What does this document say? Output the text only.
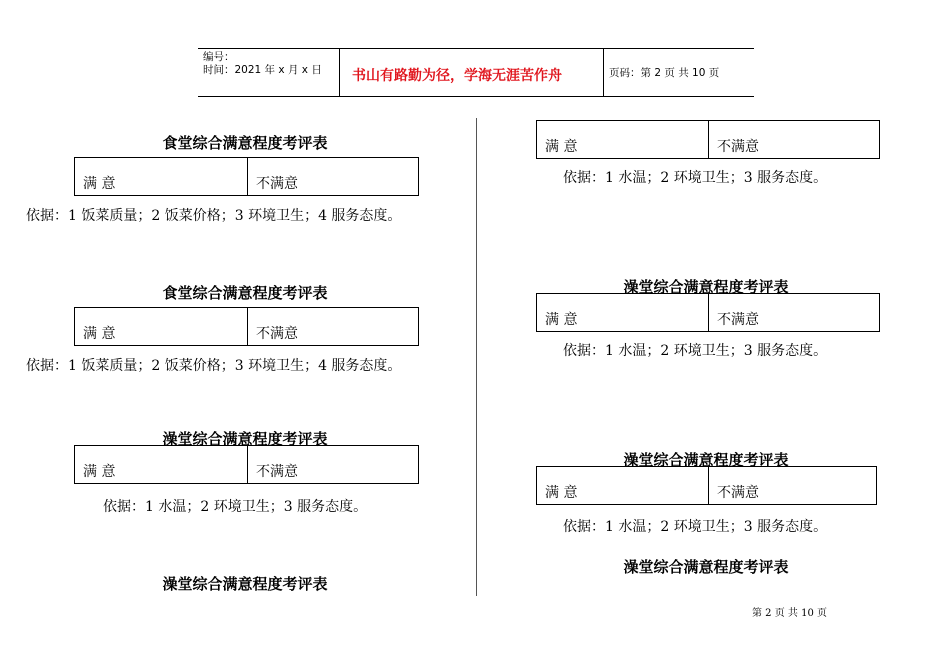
编号：
时间：2021 年 x 月 x 日 书山有路勤为径，学海无涯苦作舟	页码：第 2 页 共 10 页
食堂综合满意程度考评表
满 意	不满意
依据：1 饭菜质量；2 饭菜价格；3 环境卫生；4 服务态度。
食堂综合满意程度考评表
满 意	不满意
依据：1 饭菜质量；2 饭菜价格；3 环境卫生；4 服务态度。
澡堂综合满意程度考评表
满 意	不满意
依据：1 水温；2 环境卫生；3 服务态度。
澡堂综合满意程度考评表
满 意	不满意
依据：1 水温；2 环境卫生；3 服务态度。
澡堂综合满意程度考评表
满 意	不满意
依据：1 水温；2 环境卫生；3 服务态度。
澡堂综合满意程度考评表
满 意	不满意
依据：1 水温；2 环境卫生；3 服务态度。
澡堂综合满意程度考评表
第 2 页 共 10 页
